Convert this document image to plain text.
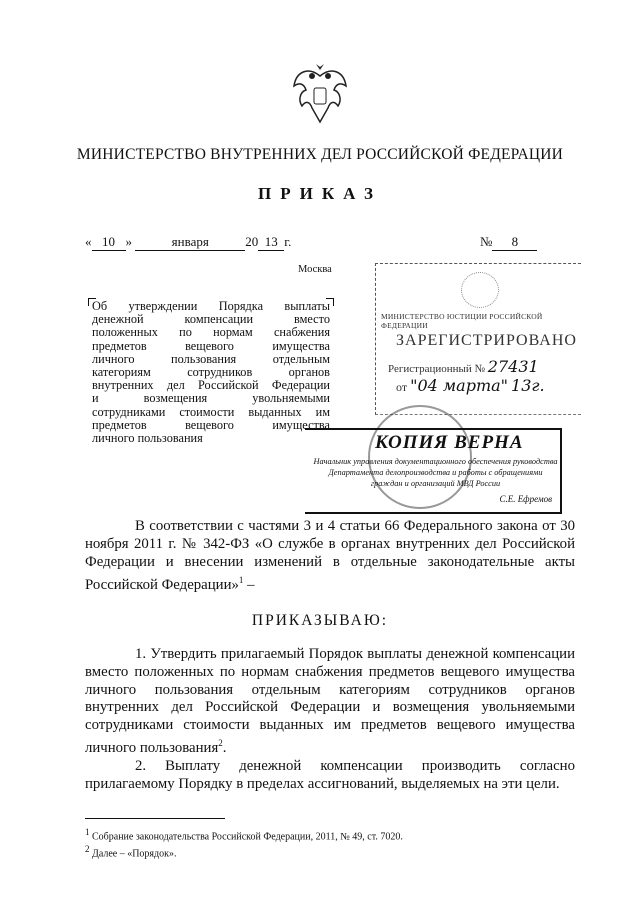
МИНИСТЕРСТВО ВНУТРЕННИХ ДЕЛ РОССИЙСКОЙ ФЕДЕРАЦИИ
ПРИКАЗ
« 10 »	января	20 13 г.	№ 8
Москва
Об утверждении Порядка выплаты
денежной компенсации вместо
положенных по нормам снабжения
предметов вещевого имущества
личного пользования отдельным
категориям сотрудников органов
внутренних дел Российской Федерации
и возмещения увольняемыми
сотрудниками стоимости выданных им
предметов вещевого имущества
личного пользования
МИНИСТЕРСТВО ЮСТИЦИИ РОССИЙСКОЙ ФЕДЕРАЦИИ
ЗАРЕГИСТРИРОВАНО
Регистрационный № 27431
от "04 марта" 13г.
КОПИЯ ВЕРНА
Начальник управления документационного обеспечения руководства Департамента делопроизводства и работы с обращениями граждан и организаций МВД России
С.Е. Ефремов
В соответствии с частями 3 и 4 статьи 66 Федерального закона от 30 ноября 2011 г. № 342-ФЗ «О службе в органах внутренних дел Российской Федерации и внесении изменений в отдельные законодательные акты Российской Федерации»$^1$ –
ПРИКАЗЫВАЮ:

1. Утвердить прилагаемый Порядок выплаты денежной компенсации вместо положенных по нормам снабжения предметов вещевого имущества личного пользования отдельным категориям сотрудников органов внутренних дел Российской Федерации и возмещения увольняемыми сотрудниками стоимости выданных им предметов вещевого имущества личного пользования$^2$.

2. Выплату денежной компенсации производить согласно прилагаемому Порядку в пределах ассигнований, выделяемых на эти цели.

$^1$ Собрание законодательства Российской Федерации, 2011, № 49, ст. 7020.
$^2$ Далее – «Порядок».
